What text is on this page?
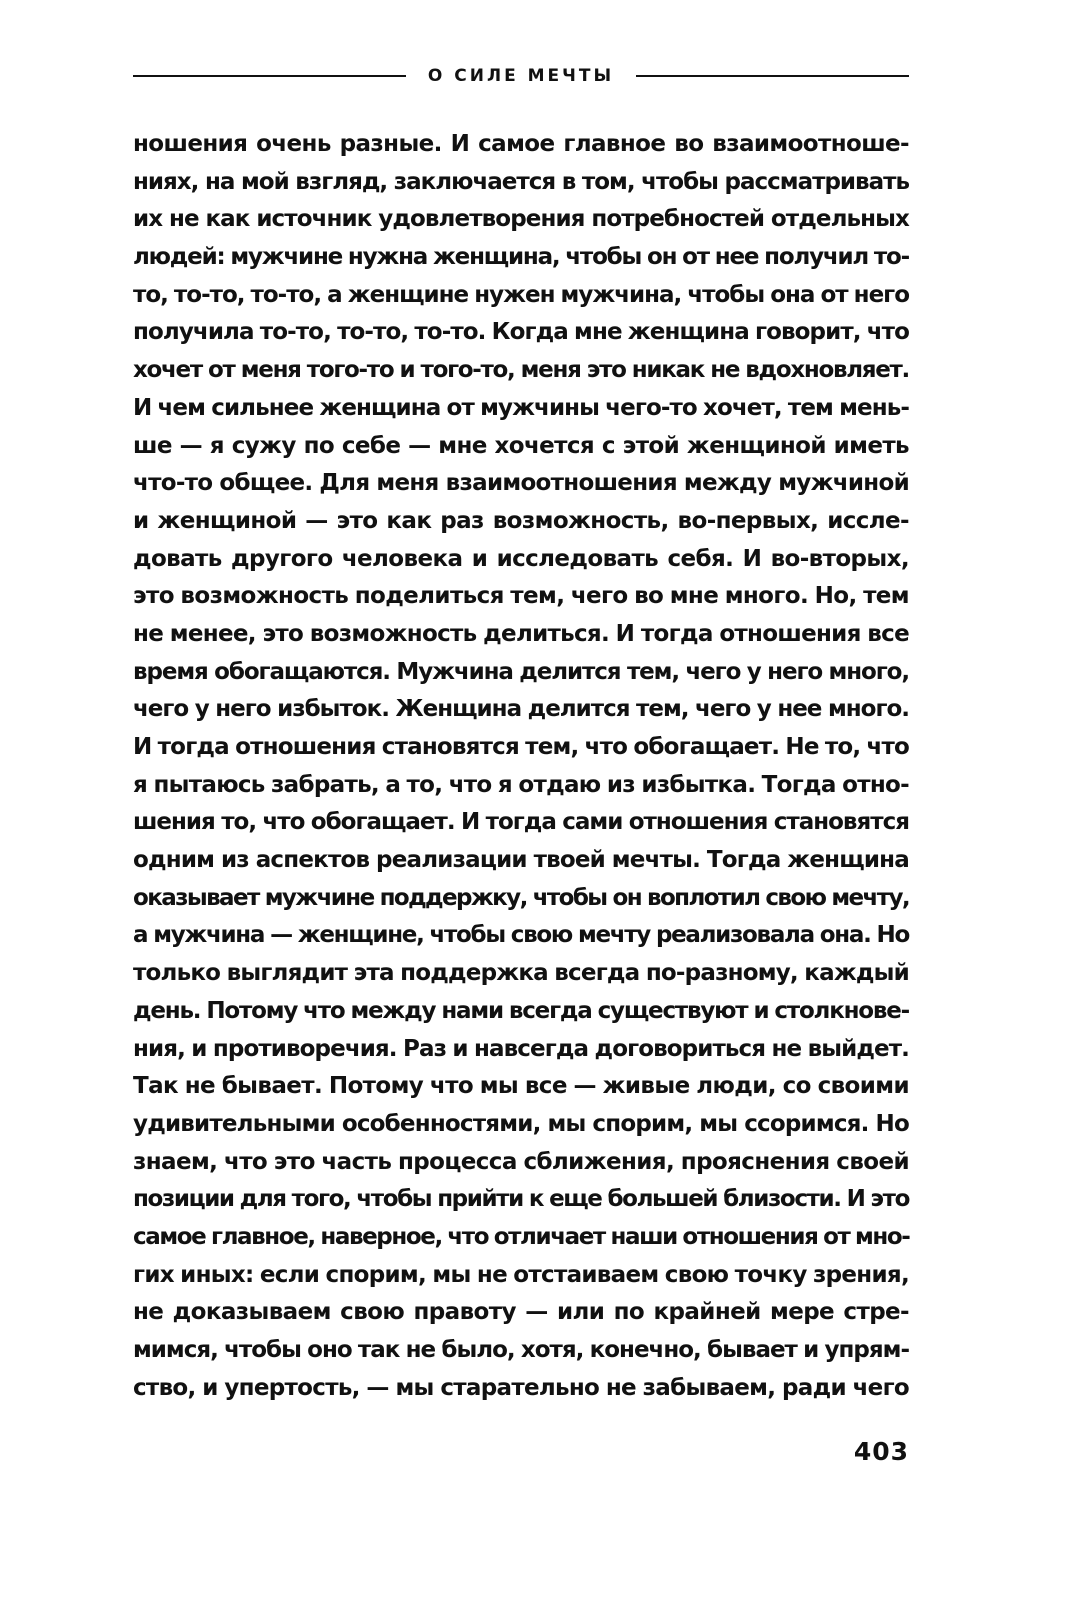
О СИЛЕ МЕЧТЫ
ношения очень разные. И самое главное во взаимоотноше-
ниях, на мой взгляд, заключается в том, чтобы рассматривать
их не как источник удовлетворения потребностей отдельных
людей: мужчине нужна женщина, чтобы он от нее получил то-
то, то-то, то-то, а женщине нужен мужчина, чтобы она от него
получила то-то, то-то, то-то. Когда мне женщина говорит, что
хочет от меня того-то и того-то, меня это никак не вдохновляет.
И чем сильнее женщина от мужчины чего-то хочет, тем мень-
ше — я сужу по себе — мне хочется с этой женщиной иметь
что-то общее. Для меня взаимоотношения между мужчиной
и женщиной — это как раз возможность, во-первых, иссле-
довать другого человека и исследовать себя. И во-вторых,
это возможность поделиться тем, чего во мне много. Но, тем
не менее, это возможность делиться. И тогда отношения все
время обогащаются. Мужчина делится тем, чего у него много,
чего у него избыток. Женщина делится тем, чего у нее много.
И тогда отношения становятся тем, что обогащает. Не то, что
я пытаюсь забрать, а то, что я отдаю из избытка. Тогда отно-
шения то, что обогащает. И тогда сами отношения становятся
одним из аспектов реализации твоей мечты. Тогда женщина
оказывает мужчине поддержку, чтобы он воплотил свою мечту,
а мужчина — женщине, чтобы свою мечту реализовала она. Но
только выглядит эта поддержка всегда по-разному, каждый
день. Потому что между нами всегда существуют и столкнове-
ния, и противоречия. Раз и навсегда договориться не выйдет.
Так не бывает. Потому что мы все — живые люди, со своими
удивительными особенностями, мы спорим, мы ссоримся. Но
знаем, что это часть процесса сближения, прояснения своей
позиции для того, чтобы прийти к еще большей близости. И это
самое главное, наверное, что отличает наши отношения от мно-
гих иных: если спорим, мы не отстаиваем свою точку зрения,
не доказываем свою правоту — или по крайней мере стре-
мимся, чтобы оно так не было, хотя, конечно, бывает и упрям-
ство, и упертость, — мы старательно не забываем, ради чего
403
